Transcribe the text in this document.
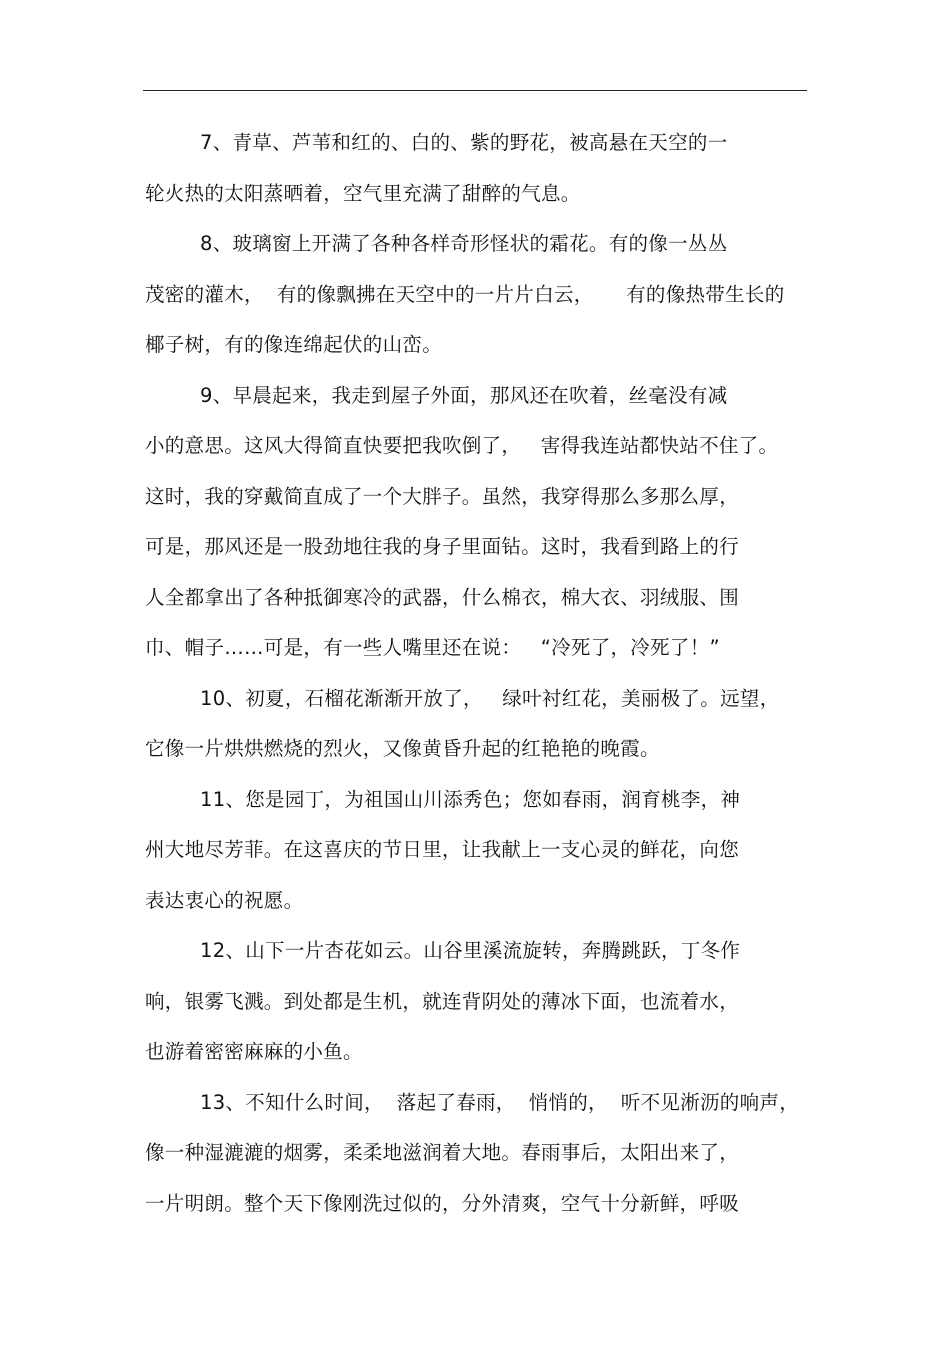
7、青草、芦苇和红的、白的、紫的野花，被高悬在天空的一
轮火热的太阳蒸晒着，空气里充满了甜醉的气息。
8、玻璃窗上开满了各种各样奇形怪状的霜花。有的像一丛丛
茂密的灌木，  有的像飘拂在天空中的一片片白云，     有的像热带生长的
椰子树，有的像连绵起伏的山峦。
9、早晨起来，我走到屋子外面，那风还在吹着，丝毫没有减
小的意思。这风大得简直快要把我吹倒了，   害得我连站都快站不住了。
这时，我的穿戴简直成了一个大胖子。虽然，我穿得那么多那么厚，
可是，那风还是一股劲地往我的身子里面钻。这时，我看到路上的行
人全都拿出了各种抵御寒冷的武器，什么棉衣，棉大衣、羽绒服、围
巾、帽子……可是，有一些人嘴里还在说：   “冷死了，冷死了！”
10、初夏，石榴花渐渐开放了，   绿叶衬红花，美丽极了。远望，
它像一片烘烘燃烧的烈火，又像黄昏升起的红艳艳的晚霞。
11、您是园丁，为祖国山川添秀色；您如春雨，润育桃李，神
州大地尽芳菲。在这喜庆的节日里，让我献上一支心灵的鲜花，向您
表达衷心的祝愿。
12、山下一片杏花如云。山谷里溪流旋转，奔腾跳跃，丁冬作
响，银雾飞溅。到处都是生机，就连背阴处的薄冰下面，也流着水，
也游着密密麻麻的小鱼。
13、不知什么时间，  落起了春雨，  悄悄的，  听不见淅沥的响声，
像一种湿漉漉的烟雾，柔柔地滋润着大地。春雨事后，太阳出来了，
一片明朗。整个天下像刚洗过似的，分外清爽，空气十分新鲜，呼吸
